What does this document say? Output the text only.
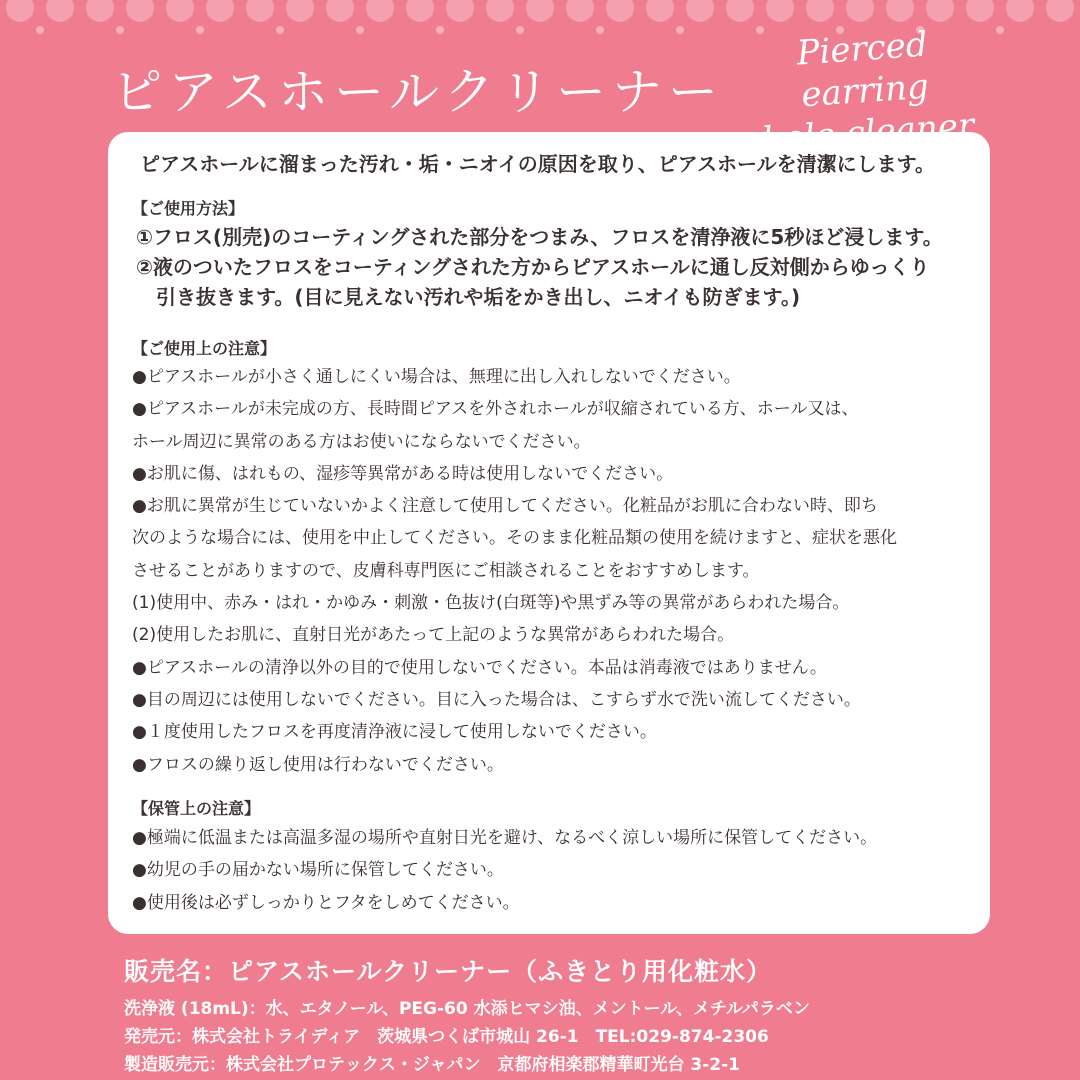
ピアスホールクリーナー
Pierced earring
ピアスホールに溜まった汚れ・垢・ニオイの原因を取り、ピアスホールを清潔にします。
【ご使用方法】
①フロス(別売)のコーティングされた部分をつまみ、フロスを清浄液に5秒ほど浸します。
②液のついたフロスをコーティングされた方からピアスホールに通し反対側からゆっくり
引き抜きます。(目に見えない汚れや垢をかき出し、ニオイも防ぎます。)
【ご使用上の注意】
●ピアスホールが小さく通しにくい場合は、無理に出し入れしないでください。
●ピアスホールが未完成の方、長時間ピアスを外されホールが収縮されている方、ホール又は、
ホール周辺に異常のある方はお使いにならないでください。
●お肌に傷、はれもの、湿疹等異常がある時は使用しないでください。
●お肌に異常が生じていないかよく注意して使用してください。化粧品がお肌に合わない時、即ち
次のような場合には、使用を中止してください。そのまま化粧品類の使用を続けますと、症状を悪化
させることがありますので、皮膚科専門医にご相談されることをおすすめします。
(1)使用中、赤み・はれ・かゆみ・刺激・色抜け(白斑等)や黒ずみ等の異常があらわれた場合。
(2)使用したお肌に、直射日光があたって上記のような異常があらわれた場合。
●ピアスホールの清浄以外の目的で使用しないでください。本品は消毒液ではありません。
●目の周辺には使用しないでください。目に入った場合は、こすらず水で洗い流してください。
●１度使用したフロスを再度清浄液に浸して使用しないでください。
●フロスの繰り返し使用は行わないでください。
【保管上の注意】
●極端に低温または高温多湿の場所や直射日光を避け、なるべく涼しい場所に保管してください。
●幼児の手の届かない場所に保管してください。
●使用後は必ずしっかりとフタをしめてください。
販売名：ピアスホールクリーナー（ふきとり用化粧水）
洗浄液 (18mL)：水、エタノール、PEG-60 水添ヒマシ油、メントール、メチルパラベン
発売元：株式会社トライディア　茨城県つくば市城山 26-1　TEL:029-874-2306
製造販売元：株式会社プロテックス・ジャパン　京都府相楽郡精華町光台 3-2-1
